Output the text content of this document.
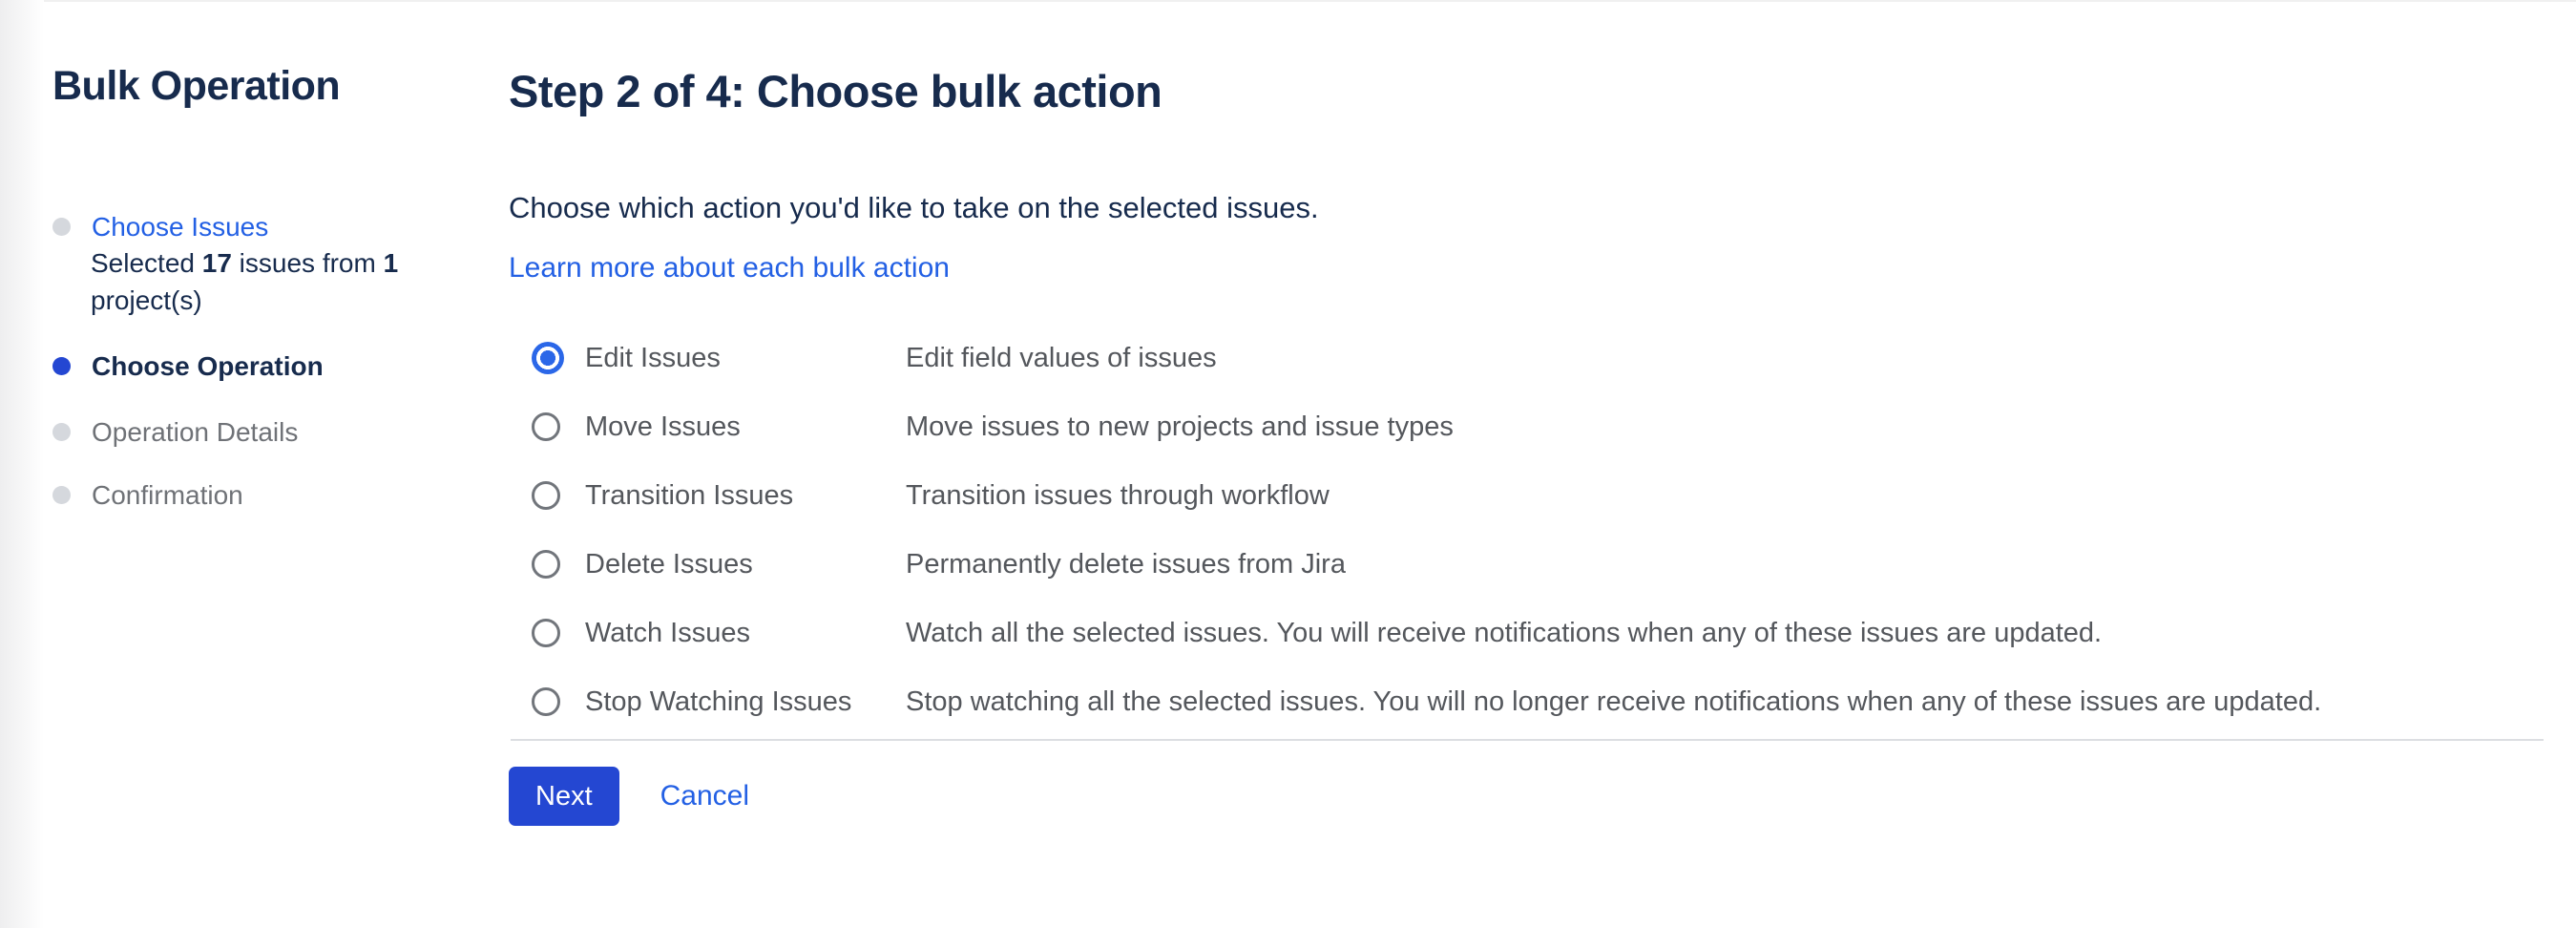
Bulk Operation
Choose Issues
Selected 17 issues from 1 project(s)
Choose Operation
Operation Details
Confirmation
Step 2 of 4: Choose bulk action

Choose which action you'd like to take on the selected issues.

Learn more about each bulk action
Edit Issues	Edit field values of issues
Move Issues	Move issues to new projects and issue types
Transition Issues	Transition issues through workflow
Delete Issues	Permanently delete issues from Jira
Watch Issues	Watch all the selected issues. You will receive notifications when any of these issues are updated.
Stop Watching Issues	Stop watching all the selected issues. You will no longer receive notifications when any of these issues are updated.
Next	Cancel
